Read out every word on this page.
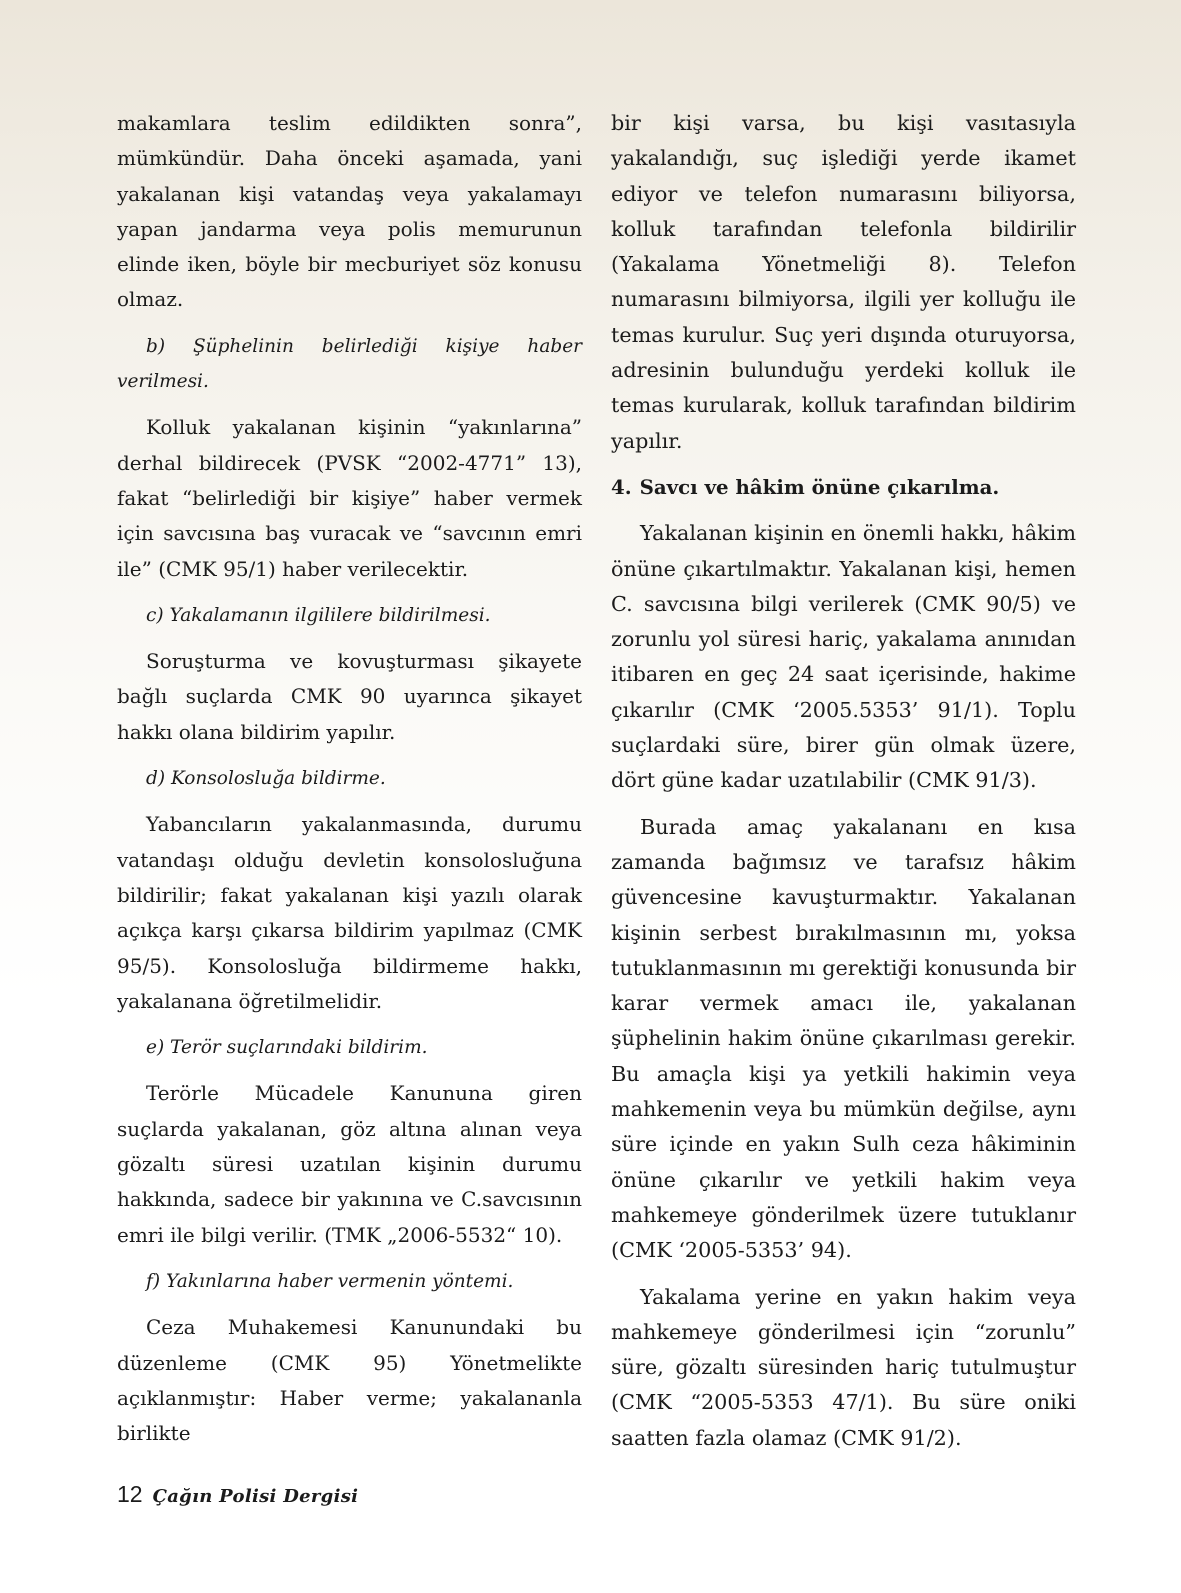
makamlara teslim edildikten sonra”, mümkündür. Daha önceki aşamada, yani yakalanan kişi vatandaş veya yakalamayı yapan jandarma veya polis memurunun elinde iken, böyle bir mecburiyet söz konusu olmaz.

b) Şüphelinin belirlediği kişiye haber verilmesi.

Kolluk yakalanan kişinin “yakınlarına” derhal bildirecek (PVSK “2002-4771” 13), fakat “belirlediği bir kişiye” haber vermek için savcısına baş vuracak ve “savcının emri ile” (CMK 95/1) haber verilecektir.

c) Yakalamanın ilgililere bildirilmesi.

Soruşturma ve kovuşturması şikayete bağlı suçlarda CMK 90 uyarınca şikayet hakkı olana bildirim yapılır.

d) Konsolosluğa bildirme.

Yabancıların yakalanmasında, durumu vatandaşı olduğu devletin konsolosluğuna bildirilir; fakat yakalanan kişi yazılı olarak açıkça karşı çıkarsa bildirim yapılmaz (CMK 95/5). Konsolosluğa bildirmeme hakkı, yakalanana öğretilmelidir.

e) Terör suçlarındaki bildirim.

Terörle Mücadele Kanununa giren suçlarda yakalanan, göz altına alınan veya gözaltı süresi uzatılan kişinin durumu hakkında, sadece bir yakınına ve C.savcısının emri ile bilgi verilir. (TMK „2006-5532“ 10).

f) Yakınlarına haber vermenin yöntemi.

Ceza Muhakemesi Kanunundaki bu düzenleme (CMK 95) Yönetmelikte açıklanmıştır: Haber verme; yakalananla birlikte

bir kişi varsa, bu kişi vasıtasıyla yakalandığı, suç işlediği yerde ikamet ediyor ve telefon numarasını biliyorsa, kolluk tarafından telefonla bildirilir (Yakalama Yönetmeliği 8). Telefon numarasını bilmiyorsa, ilgili yer kolluğu ile temas kurulur. Suç yeri dışında oturuyorsa, adresinin bulunduğu yerdeki kolluk ile temas kurularak, kolluk tarafından bildirim yapılır.

4. Savcı ve hâkim önüne çıkarılma.

Yakalanan kişinin en önemli hakkı, hâkim önüne çıkartılmaktır. Yakalanan kişi, hemen C. savcısına bilgi verilerek (CMK 90/5) ve zorunlu yol süresi hariç, yakalama anınıdan itibaren en geç 24 saat içerisinde, hakime çıkarılır (CMK ‘2005.5353’ 91/1). Toplu suçlardaki süre, birer gün olmak üzere, dört güne kadar uzatılabilir (CMK 91/3).

Burada amaç yakalananı en kısa zamanda bağımsız ve tarafsız hâkim güvencesine kavuşturmaktır. Yakalanan kişinin serbest bırakılmasının mı, yoksa tutuklanmasının mı gerektiği konusunda bir karar vermek amacı ile, yakalanan şüphelinin hakim önüne çıkarılması gerekir. Bu amaçla kişi ya yetkili hakimin veya mahkemenin veya bu mümkün değilse, aynı süre içinde en yakın Sulh ceza hâkiminin önüne çıkarılır ve yetkili hakim veya mahkemeye gönderilmek üzere tutuklanır (CMK ‘2005-5353’ 94).

Yakalama yerine en yakın hakim veya mahkemeye gönderilmesi için “zorunlu” süre, gözaltı süresinden hariç tutulmuştur (CMK “2005-5353 47/1). Bu süre oniki saatten fazla olamaz (CMK 91/2).

12 Çağın Polisi Dergisi
